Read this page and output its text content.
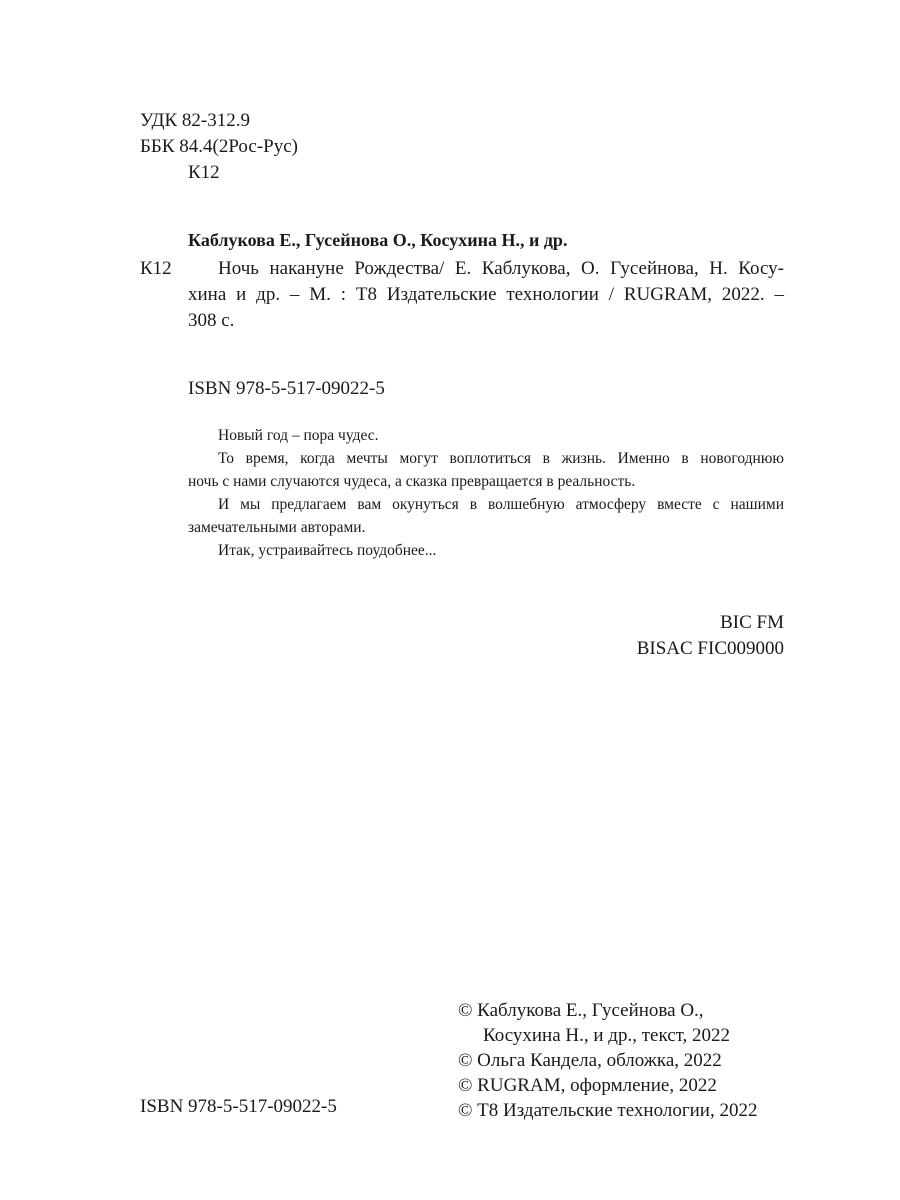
УДК 82-312.9
ББК 84.4(2Рос-Рус)
К12
Каблукова Е., Гусейнова О., Косухина Н., и др.
К12	Ночь накануне Рождества/ Е. Каблукова, О. Гусейнова, Н. Косу-
хина и др. – М. : Т8 Издательские технологии / RUGRAM, 2022. –
308 с.
ISBN 978-5-517-09022-5
Новый год – пора чудес.
То время, когда мечты могут воплотиться в жизнь. Именно в новогоднюю
ночь с нами случаются чудеса, а сказка превращается в реальность.
И мы предлагаем вам окунуться в волшебную атмосферу вместе с нашими
замечательными авторами.
Итак, устраивайтесь поудобнее...
BIC FM
BISAC FIC009000
ISBN 978-5-517-09022-5
© Каблукова Е., Гусейнова О.,
Косухина Н., и др., текст, 2022
© Ольга Кандела, обложка, 2022
© RUGRAM, оформление, 2022
© Т8 Издательские технологии, 2022
